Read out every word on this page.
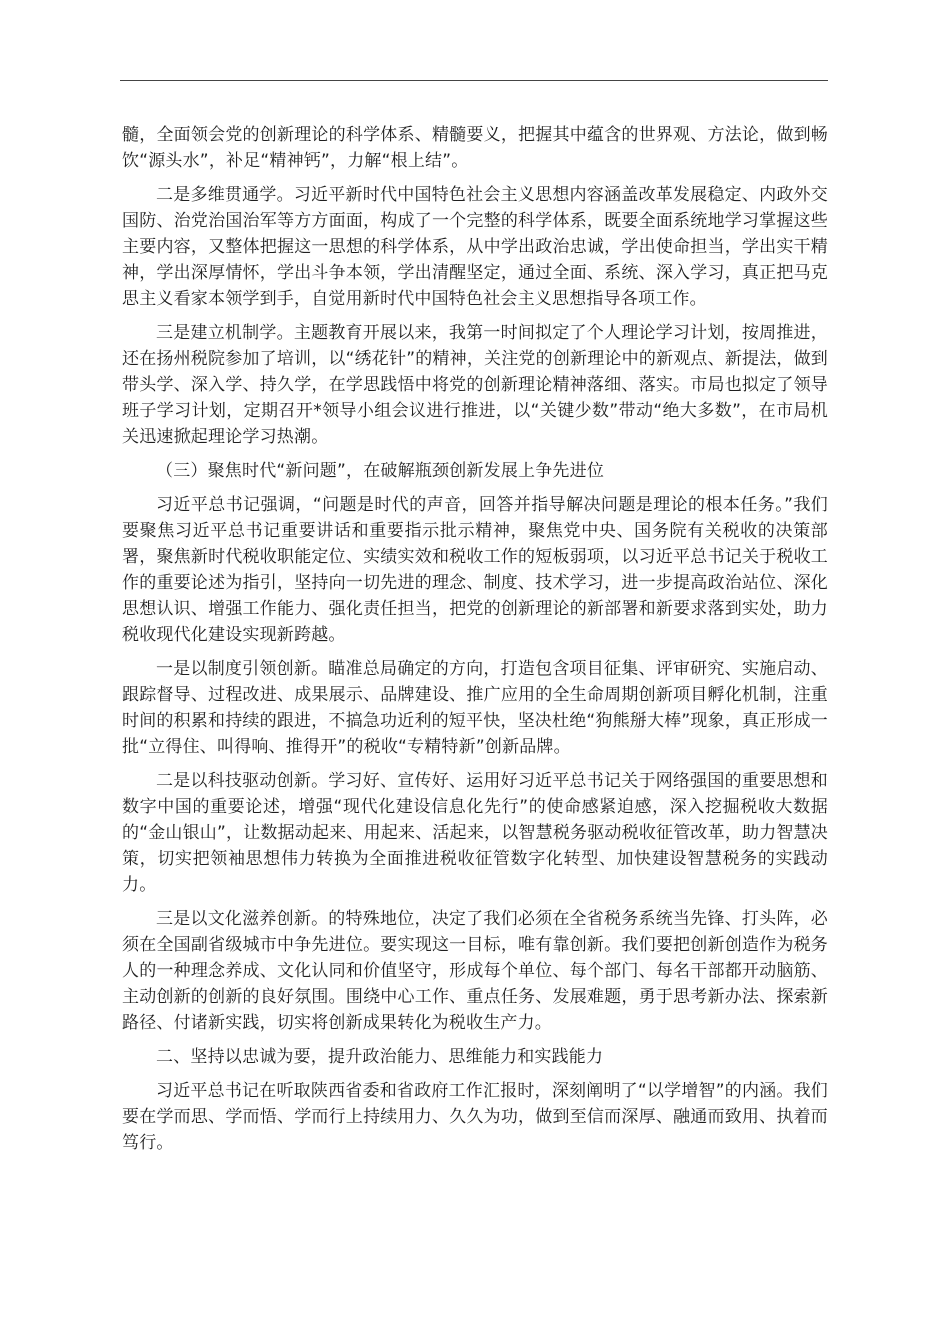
髓，全面领会党的创新理论的科学体系、精髓要义，把握其中蕴含的世界观、方法论，做到畅饮“源头水”，补足“精神钙”，力解“根上结”。

二是多维贯通学。习近平新时代中国特色社会主义思想内容涵盖改革发展稳定、内政外交国防、治党治国治军等方方面面，构成了一个完整的科学体系，既要全面系统地学习掌握这些主要内容，又整体把握这一思想的科学体系，从中学出政治忠诚，学出使命担当，学出实干精神，学出深厚情怀，学出斗争本领，学出清醒坚定，通过全面、系统、深入学习，真正把马克思主义看家本领学到手，自觉用新时代中国特色社会主义思想指导各项工作。

三是建立机制学。主题教育开展以来，我第一时间拟定了个人理论学习计划，按周推进，还在扬州税院参加了培训，以“绣花针”的精神，关注党的创新理论中的新观点、新提法，做到带头学、深入学、持久学，在学思践悟中将党的创新理论精神落细、落实。市局也拟定了领导班子学习计划，定期召开*领导小组会议进行推进，以“关键少数”带动“绝大多数”，在市局机关迅速掀起理论学习热潮。

（三）聚焦时代“新问题”，在破解瓶颈创新发展上争先进位

习近平总书记强调，“问题是时代的声音，回答并指导解决问题是理论的根本任务。”我们要聚焦习近平总书记重要讲话和重要指示批示精神，聚焦党中央、国务院有关税收的决策部署，聚焦新时代税收职能定位、实绩实效和税收工作的短板弱项，以习近平总书记关于税收工作的重要论述为指引，坚持向一切先进的理念、制度、技术学习，进一步提高政治站位、深化思想认识、增强工作能力、强化责任担当，把党的创新理论的新部署和新要求落到实处，助力税收现代化建设实现新跨越。

一是以制度引领创新。瞄准总局确定的方向，打造包含项目征集、评审研究、实施启动、跟踪督导、过程改进、成果展示、品牌建设、推广应用的全生命周期创新项目孵化机制，注重时间的积累和持续的跟进，不搞急功近利的短平快，坚决杜绝“狗熊掰大棒”现象，真正形成一批“立得住、叫得响、推得开”的税收“专精特新”创新品牌。

二是以科技驱动创新。学习好、宣传好、运用好习近平总书记关于网络强国的重要思想和数字中国的重要论述，增强“现代化建设信息化先行”的使命感紧迫感，深入挖掘税收大数据的“金山银山”，让数据动起来、用起来、活起来，以智慧税务驱动税收征管改革，助力智慧决策，切实把领袖思想伟力转换为全面推进税收征管数字化转型、加快建设智慧税务的实践动力。

三是以文化滋养创新。的特殊地位，决定了我们必须在全省税务系统当先锋、打头阵，必须在全国副省级城市中争先进位。要实现这一目标，唯有靠创新。我们要把创新创造作为税务人的一种理念养成、文化认同和价值坚守，形成每个单位、每个部门、每名干部都开动脑筋、主动创新的创新的良好氛围。围绕中心工作、重点任务、发展难题，勇于思考新办法、探索新路径、付诸新实践，切实将创新成果转化为税收生产力。

二、坚持以忠诚为要，提升政治能力、思维能力和实践能力

习近平总书记在听取陕西省委和省政府工作汇报时，深刻阐明了“以学增智”的内涵。我们要在学而思、学而悟、学而行上持续用力、久久为功，做到至信而深厚、融通而致用、执着而笃行。
